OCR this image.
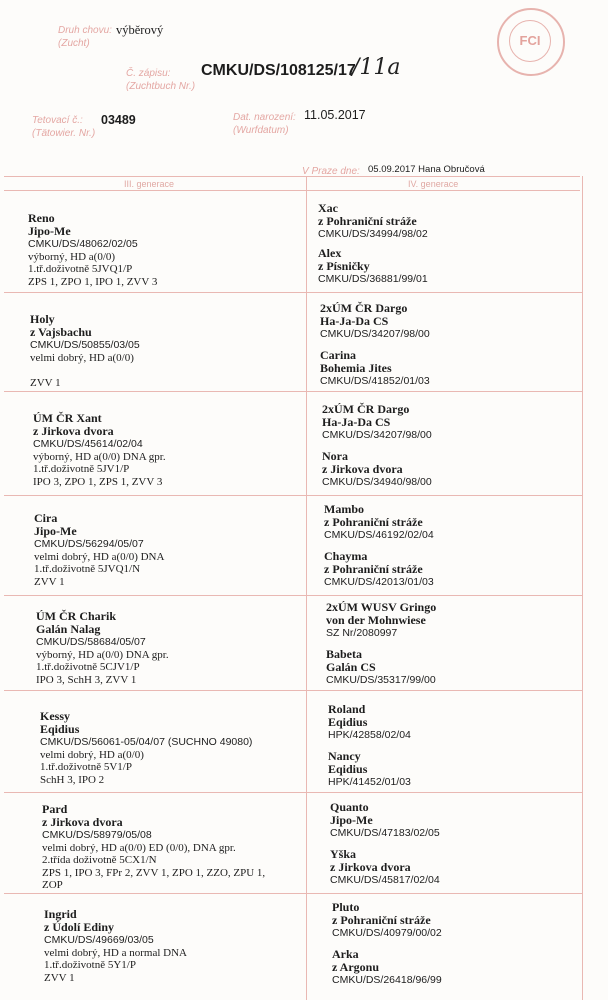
Druh chovu:
(Zucht)
výběrový
Č. zápisu:
(Zuchtbuch Nr.)
CMKU/DS/108125/17
/11a
Tetovací č.:
(Tätowier. Nr.)
03489	Dat. narození:
(Wurfdatum)
11.05.2017
V Praze dne: 05.09.2017 Hana Obručová
FCI
III. generace	IV. generace
Reno
Jipo-Me
CMKU/DS/48062/02/05
výborný, HD a(0/0)
1.tř.doživotně 5JVQ1/P
ZPS 1, ZPO 1, IPO 1, ZVV 3
Holy
z Vajsbachu
CMKU/DS/50855/03/05
velmi dobrý, HD a(0/0)
ZVV 1
ÚM ČR Xant
z Jirkova dvora
CMKU/DS/45614/02/04
výborný, HD a(0/0) DNA gpr.
1.tř.doživotně 5JV1/P
IPO 3, ZPO 1, ZPS 1, ZVV 3
Cira
Jipo-Me
CMKU/DS/56294/05/07
velmi dobrý, HD a(0/0) DNA
1.tř.doživotně 5JVQ1/N
ZVV 1
ÚM ČR Charik
Galán Nalag
CMKU/DS/58684/05/07
výborný, HD a(0/0) DNA gpr.
1.tř.doživotně 5CJV1/P
IPO 3, SchH 3, ZVV 1
Kessy
Eqidius
CMKU/DS/56061-05/04/07 (SUCHNO 49080)
velmi dobrý, HD a(0/0)
1.tř.doživotně 5V1/P
SchH 3, IPO 2
Pard
z Jirkova dvora
CMKU/DS/58979/05/08
velmi dobrý, HD a(0/0) ED (0/0), DNA gpr.
2.třída doživotně 5CX1/N
ZPS 1, IPO 3, FPr 2, ZVV 1, ZPO 1, ZZO, ZPU 1,
ZOP
Ingrid
z Údolí Ediny
CMKU/DS/49669/03/05
velmi dobrý, HD a normal DNA
1.tř.doživotně 5Y1/P
ZVV 1
Xac
z Pohraniční stráže
CMKU/DS/34994/98/02
Alex
z Písničky
CMKU/DS/36881/99/01
2xÚM ČR Dargo
Ha-Ja-Da CS
CMKU/DS/34207/98/00
Carina
Bohemia Jites
CMKU/DS/41852/01/03
2xÚM ČR Dargo
Ha-Ja-Da CS
CMKU/DS/34207/98/00
Nora
z Jirkova dvora
CMKU/DS/34940/98/00
Mambo
z Pohraniční stráže
CMKU/DS/46192/02/04
Chayma
z Pohraniční stráže
CMKU/DS/42013/01/03
2xÚM WUSV Gringo
von der Mohnwiese
SZ Nr/2080997
Babeta
Galán CS
CMKU/DS/35317/99/00
Roland
Eqidius
HPK/42858/02/04
Nancy
Eqidius
HPK/41452/01/03
Quanto
Jipo-Me
CMKU/DS/47183/02/05
Yška
z Jirkova dvora
CMKU/DS/45817/02/04
Pluto
z Pohraniční stráže
CMKU/DS/40979/00/02
Arka
z Argonu
CMKU/DS/26418/96/99
